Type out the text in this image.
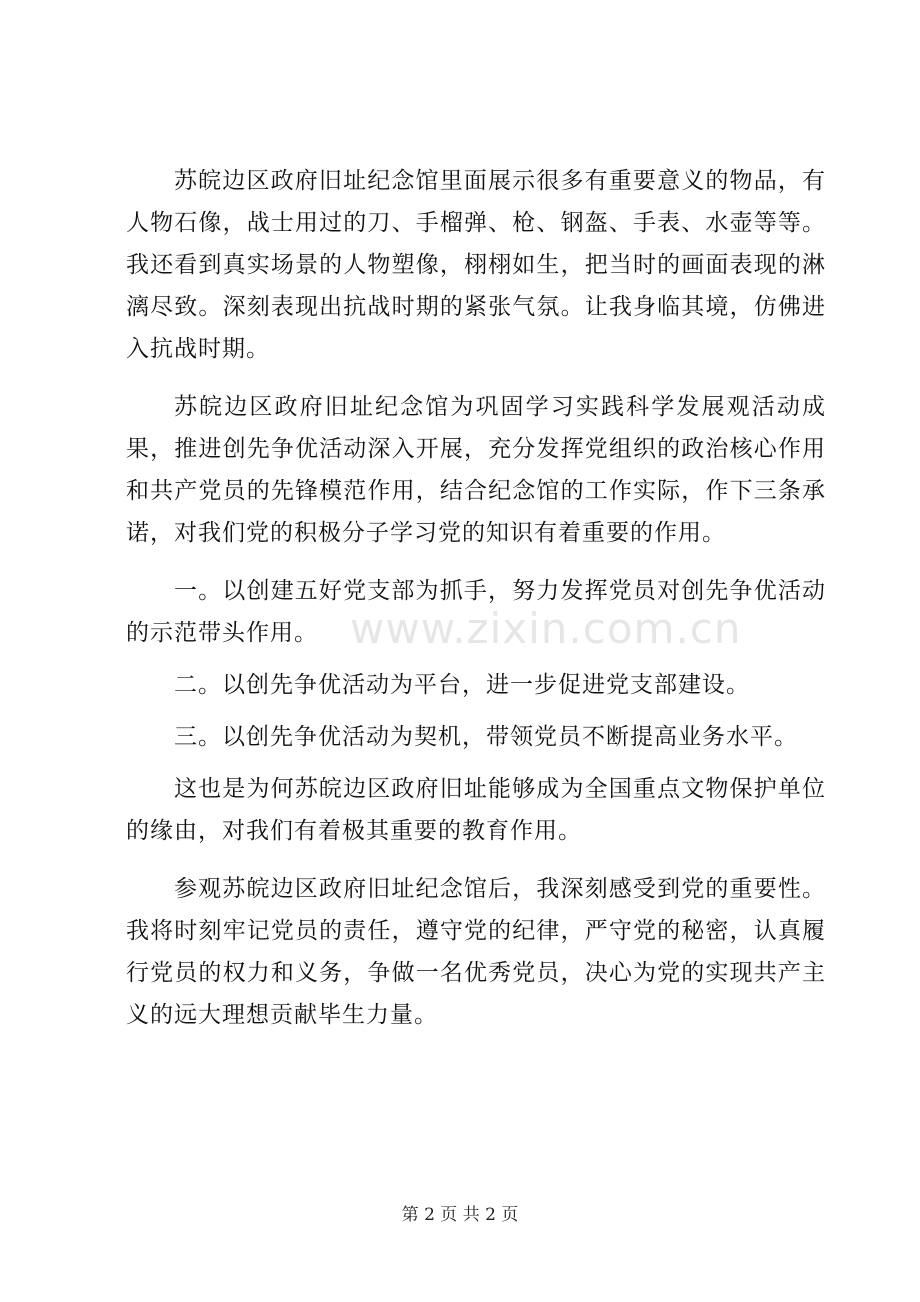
苏皖边区政府旧址纪念馆里面展示很多有重要意义的物品，有人物石像，战士用过的刀、手榴弹、枪、钢盔、手表、水壶等等。我还看到真实场景的人物塑像，栩栩如生，把当时的画面表现的淋漓尽致。深刻表现出抗战时期的紧张气氛。让我身临其境，仿佛进入抗战时期。

苏皖边区政府旧址纪念馆为巩固学习实践科学发展观活动成果，推进创先争优活动深入开展，充分发挥党组织的政治核心作用和共产党员的先锋模范作用，结合纪念馆的工作实际，作下三条承诺，对我们党的积极分子学习党的知识有着重要的作用。

一。以创建五好党支部为抓手，努力发挥党员对创先争优活动的示范带头作用。

二。以创先争优活动为平台，进一步促进党支部建设。

三。以创先争优活动为契机，带领党员不断提高业务水平。

这也是为何苏皖边区政府旧址能够成为全国重点文物保护单位的缘由，对我们有着极其重要的教育作用。

参观苏皖边区政府旧址纪念馆后，我深刻感受到党的重要性。我将时刻牢记党员的责任，遵守党的纪律，严守党的秘密，认真履行党员的权力和义务，争做一名优秀党员，决心为党的实现共产主义的远大理想贡献毕生力量。

www.zixin.com.cn
第 2 页 共 2 页
